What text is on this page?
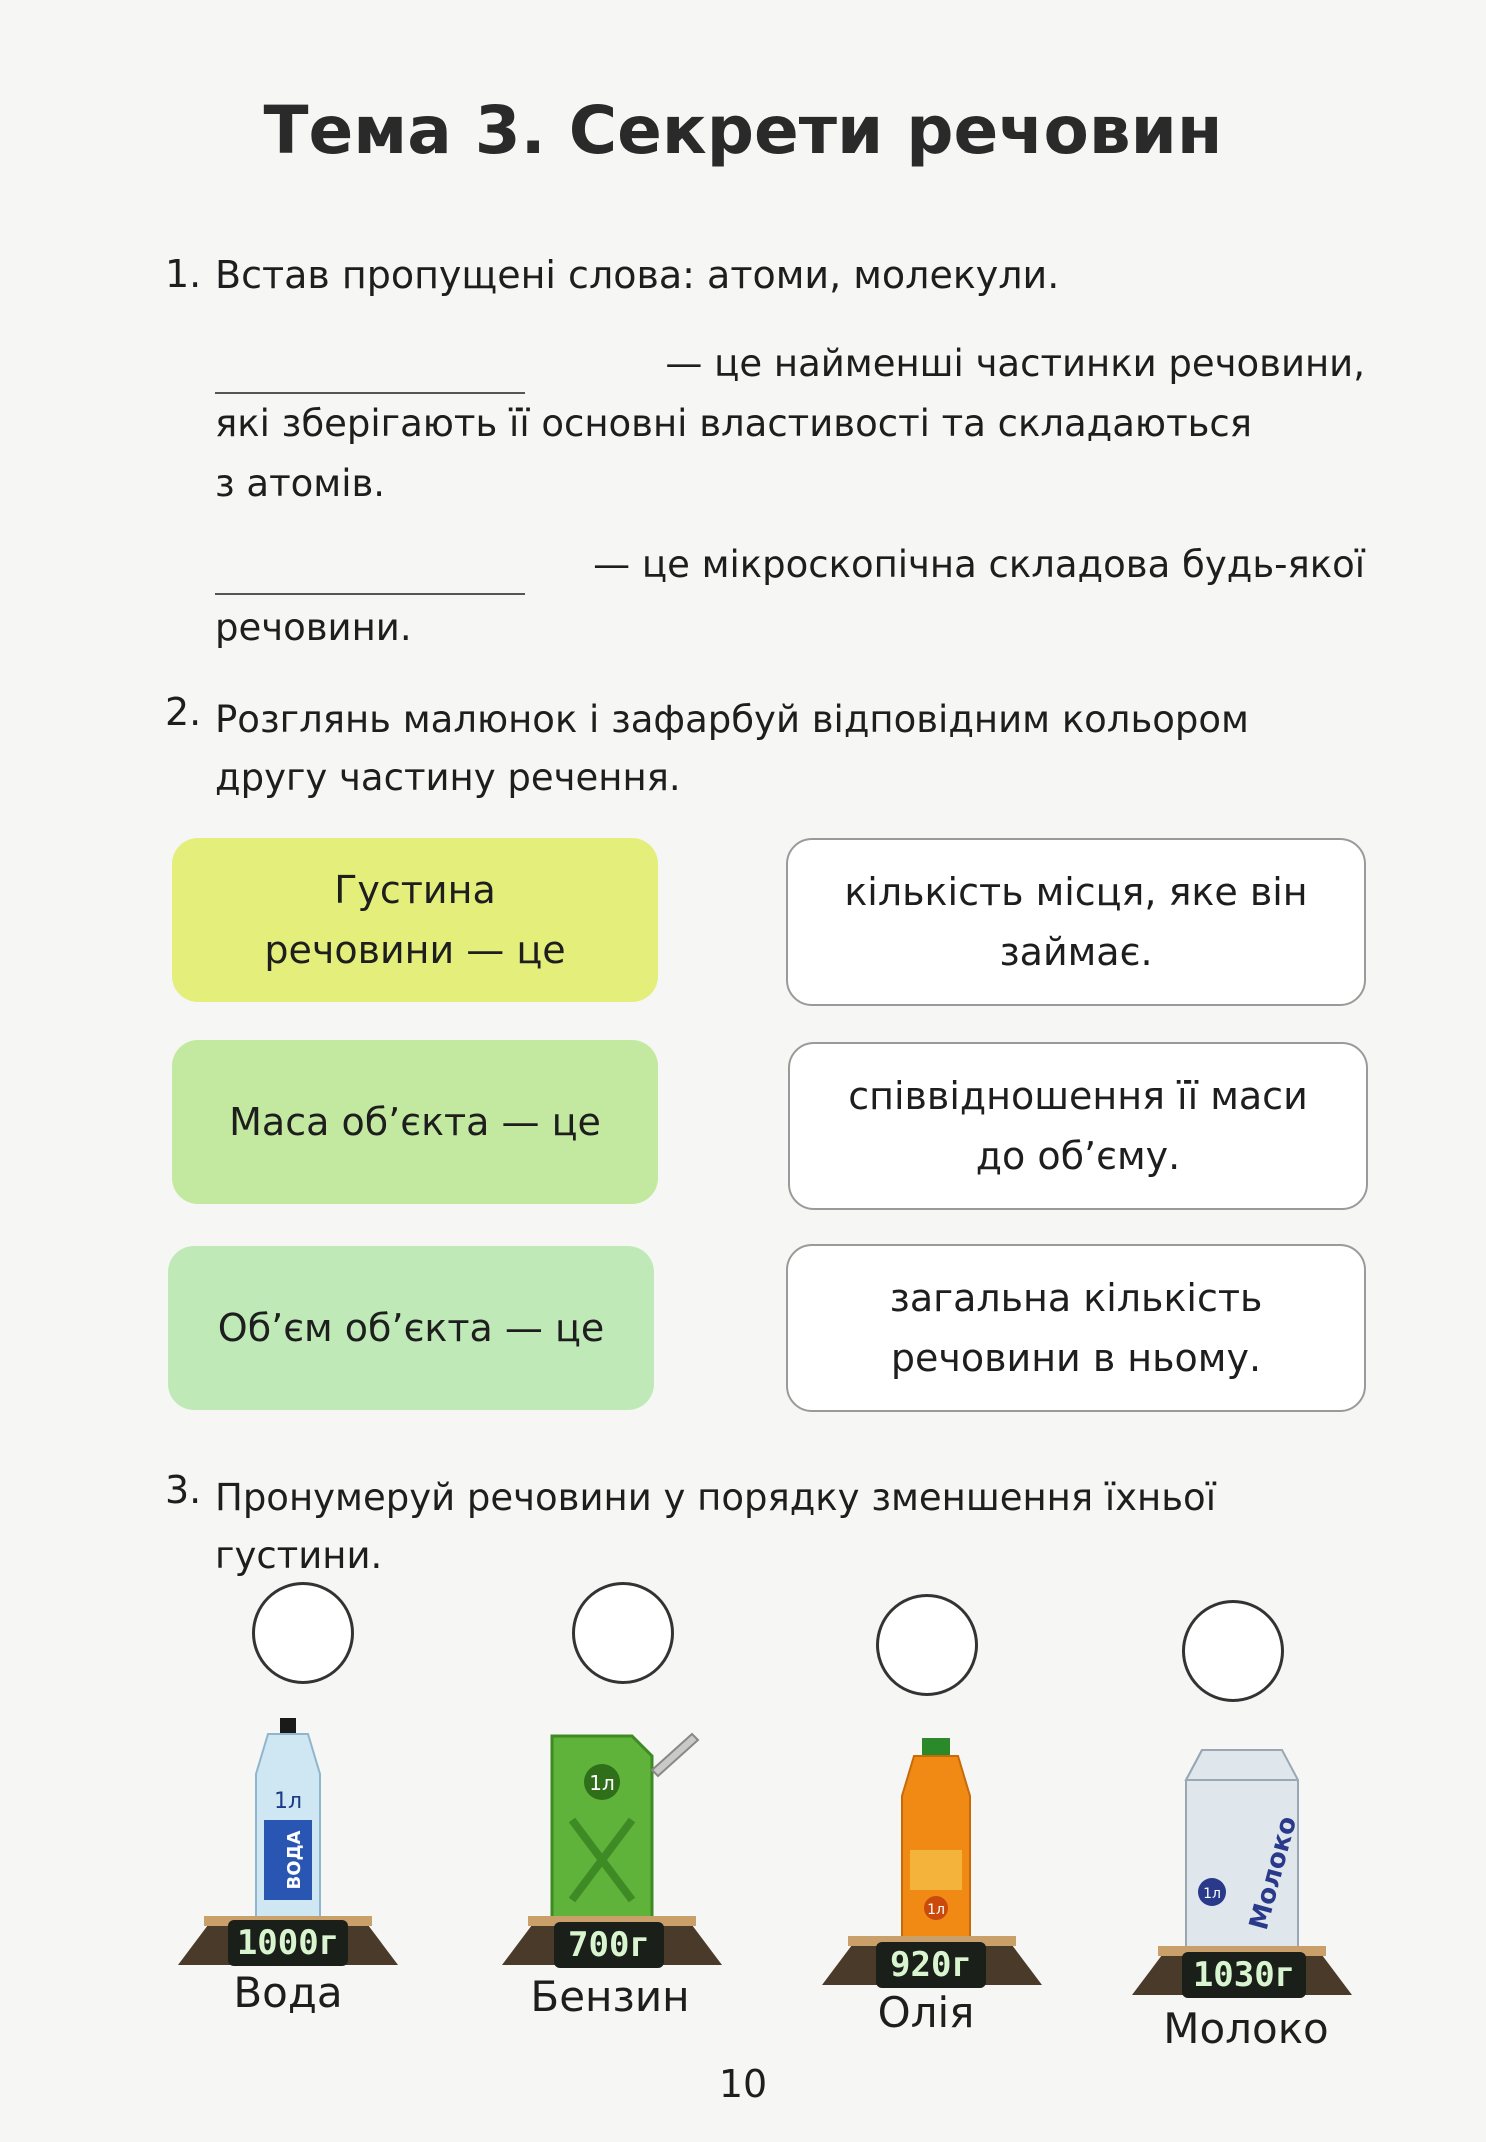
Тема 3. Секрети речовин
1. Встав пропущені слова: атоми, молекули.
— це найменші частинки речовини,
які зберігають її основні властивості та складаються
з атомів.
— це мікроскопічна складова будь-якої
речовини.
2. Розглянь малюнок і зафарбуй відповідним кольором
другу частину речення.
Густина
речовини — це
Маса об’єкта — це
Об’єм об’єкта — це
кількість місця, яке він
займає.
співвідношення її маси
до об’єму.
загальна кількість
речовини в ньому.
3. Пронумеруй речовини у порядку зменшення їхньої
густини.
1л
ВОДА
1000г
Вода
1л
700г
Бензин
1л
920г
Олія
1л Молоко
1030г
Молоко
10
